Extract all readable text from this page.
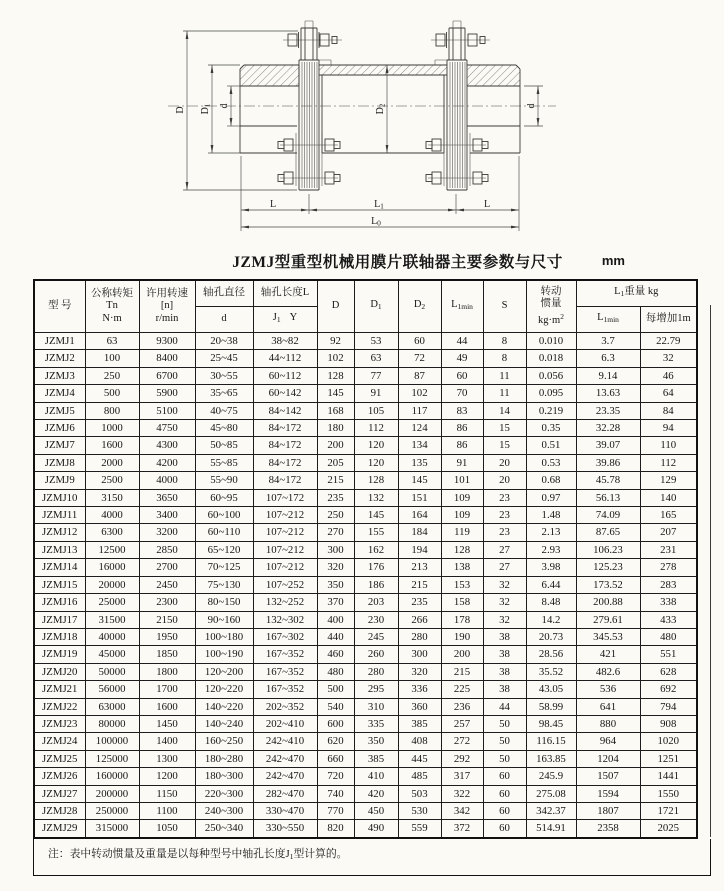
D D1 d
D2	d
L	L1	L
L0
JZMJ型重型机械用膜片联轴器主要参数与尺寸	mm
型 号	
公称转矩
Tn
N·m

许用转速
[n]
r/min
	轴孔直径	轴孔长度L	D	D1	D2	L1min	S	
转动
惯量
$kg\cdot m^2$
	L1重量 kg
			d	J1 Y							L1min	每增加1m
JZMJ1	63	9300	20~38	38~82	92	53	60	44	8	0.010	3.7	22.79
JZMJ2	100	8400	25~45	44~112	102	63	72	49	8	0.018	6.3	32
JZMJ3	250	6700	30~55	60~112	128	77	87	60	11	0.056	9.14	46
JZMJ4	500	5900	35~65	60~142	145	91	102	70	11	0.095	13.63	64
JZMJ5	800	5100	40~75	84~142	168	105	117	83	14	0.219	23.35	84
JZMJ6	1000	4750	45~80	84~172	180	112	124	86	15	0.35	32.28	94
JZMJ7	1600	4300	50~85	84~172	200	120	134	86	15	0.51	39.07	110
JZMJ8	2000	4200	55~85	84~172	205	120	135	91	20	0.53	39.86	112
JZMJ9	2500	4000	55~90	84~172	215	128	145	101	20	0.68	45.78	129
JZMJ10	3150	3650	60~95	107~172	235	132	151	109	23	0.97	56.13	140
JZMJ11	4000	3400	60~100	107~212	250	145	164	109	23	1.48	74.09	165
JZMJ12	6300	3200	60~110	107~212	270	155	184	119	23	2.13	87.65	207
JZMJ13	12500	2850	65~120	107~212	300	162	194	128	27	2.93	106.23	231
JZMJ14	16000	2700	70~125	107~212	320	176	213	138	27	3.98	125.23	278
JZMJ15	20000	2450	75~130	107~252	350	186	215	153	32	6.44	173.52	283
JZMJ16	25000	2300	80~150	132~252	370	203	235	158	32	8.48	200.88	338
JZMJ17	31500	2150	90~160	132~302	400	230	266	178	32	14.2	279.61	433
JZMJ18	40000	1950	100~180	167~302	440	245	280	190	38	20.73	345.53	480
JZMJ19	45000	1850	100~190	167~352	460	260	300	200	38	28.56	421	551
JZMJ20	50000	1800	120~200	167~352	480	280	320	215	38	35.52	482.6	628
JZMJ21	56000	1700	120~220	167~352	500	295	336	225	38	43.05	536	692
JZMJ22	63000	1600	140~220	202~352	540	310	360	236	44	58.99	641	794
JZMJ23	80000	1450	140~240	202~410	600	335	385	257	50	98.45	880	908
JZMJ24	100000	1400	160~250	242~410	620	350	408	272	50	116.15	964	1020
JZMJ25	125000	1300	180~280	242~470	660	385	445	292	50	163.85	1204	1251
JZMJ26	160000	1200	180~300	242~470	720	410	485	317	60	245.9	1507	1441
JZMJ27	200000	1150	220~300	282~470	740	420	503	322	60	275.08	1594	1550
JZMJ28	250000	1100	240~300	330~470	770	450	530	342	60	342.37	1807	1721
JZMJ29	315000	1050	250~340	330~550	820	490	559	372	60	514.91	2358	2025
注：表中转动惯量及重量是以每种型号中轴孔长度J1型计算的。
